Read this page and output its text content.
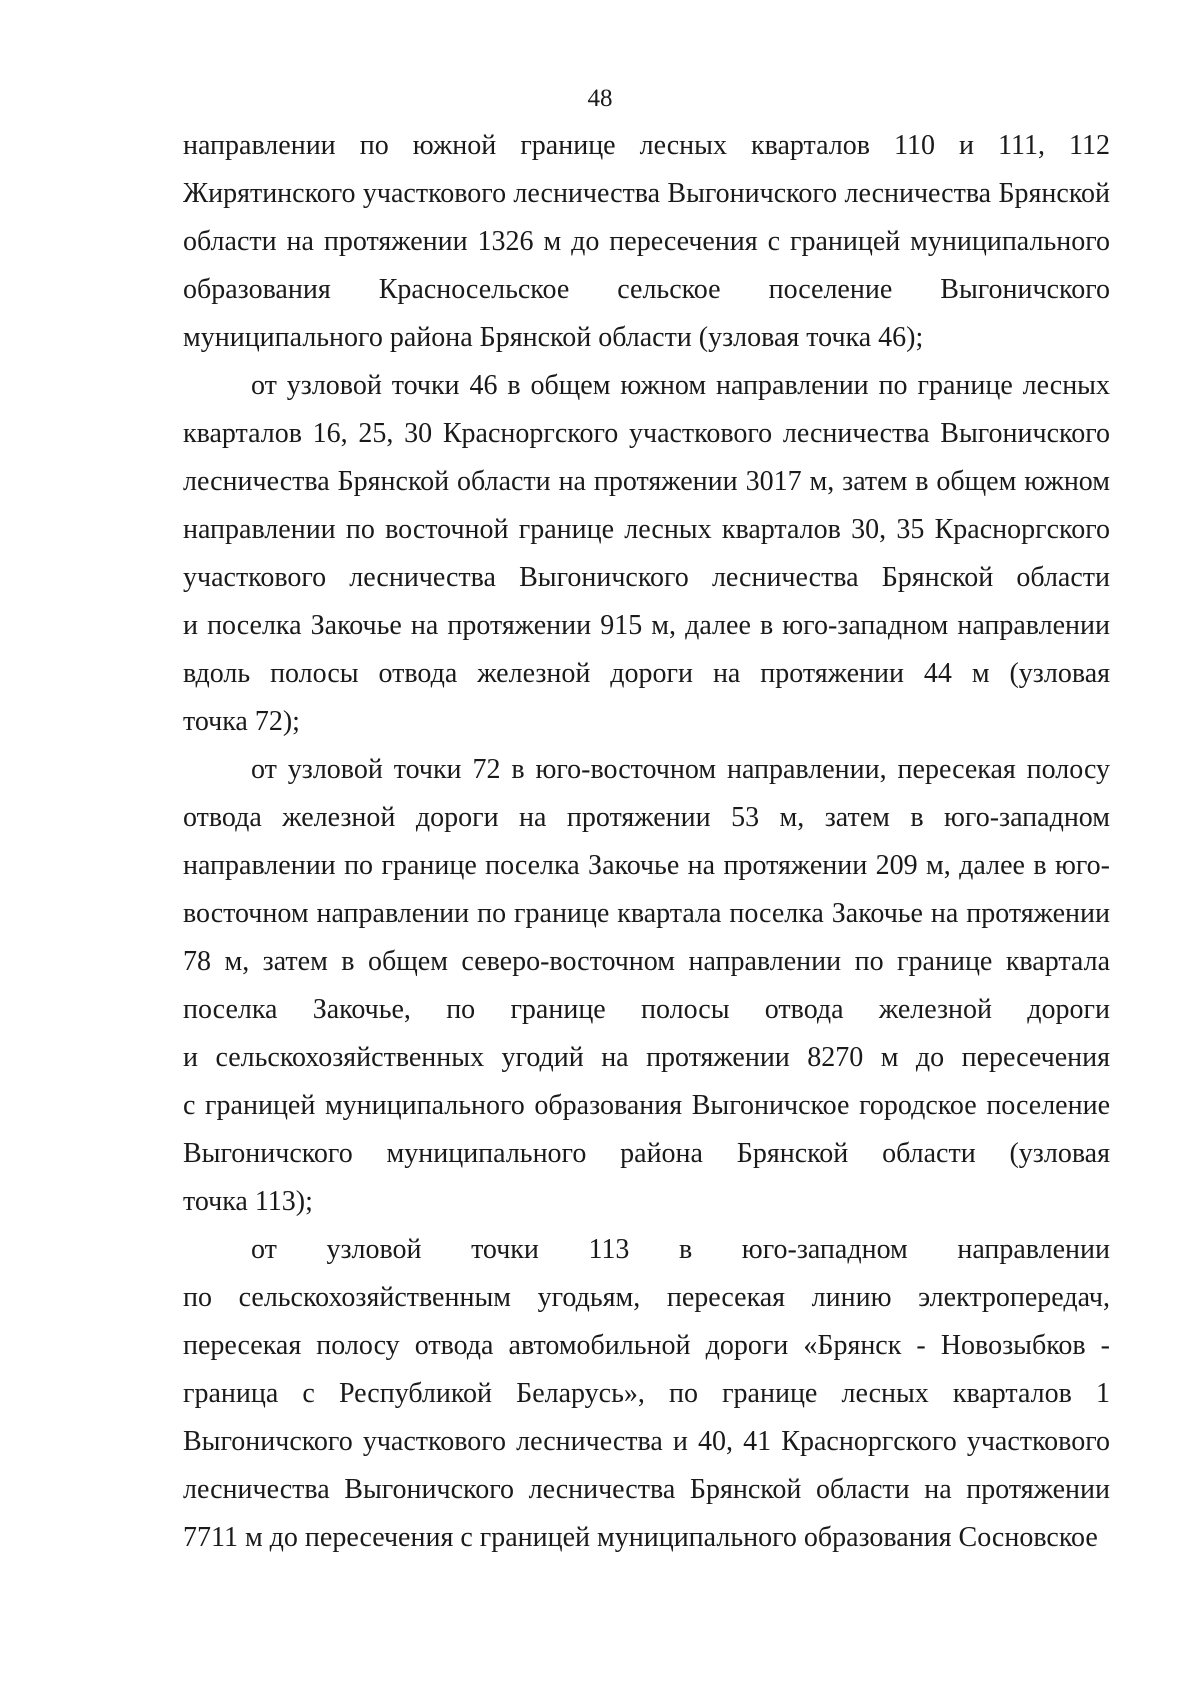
48
направлении по южной границе лесных кварталов 110 и 111, 112
Жирятинского участкового лесничества Выгоничского лесничества Брянской
области на протяжении 1326 м до пересечения с границей муниципального
образования Красносельское сельское поселение Выгоничского
муниципального района Брянской области (узловая точка 46);
от узловой точки 46 в общем южном направлении по границе лесных
кварталов 16, 25, 30 Красноргского участкового лесничества Выгоничского
лесничества Брянской области на протяжении 3017 м, затем в общем южном
направлении по восточной границе лесных кварталов 30, 35 Красноргского
участкового лесничества Выгоничского лесничества Брянской области
и поселка Закочье на протяжении 915 м, далее в юго-западном направлении
вдоль полосы отвода железной дороги на протяжении 44 м (узловая
точка 72);
от узловой точки 72 в юго-восточном направлении, пересекая полосу
отвода железной дороги на протяжении 53 м, затем в юго-западном
направлении по границе поселка Закочье на протяжении 209 м, далее в юго-
восточном направлении по границе квартала поселка Закочье на протяжении
78 м, затем в общем северо-восточном направлении по границе квартала
поселка Закочье, по границе полосы отвода железной дороги
и сельскохозяйственных угодий на протяжении 8270 м до пересечения
с границей муниципального образования Выгоничское городское поселение
Выгоничского муниципального района Брянской области (узловая
точка 113);
от узловой точки 113 в юго-западном направлении
по сельскохозяйственным угодьям, пересекая линию электропередач,
пересекая полосу отвода автомобильной дороги «Брянск - Новозыбков -
граница с Республикой Беларусь», по границе лесных кварталов 1
Выгоничского участкового лесничества и 40, 41 Красноргского участкового
лесничества Выгоничского лесничества Брянской области на протяжении
7711 м до пересечения с границей муниципального образования Сосновское
